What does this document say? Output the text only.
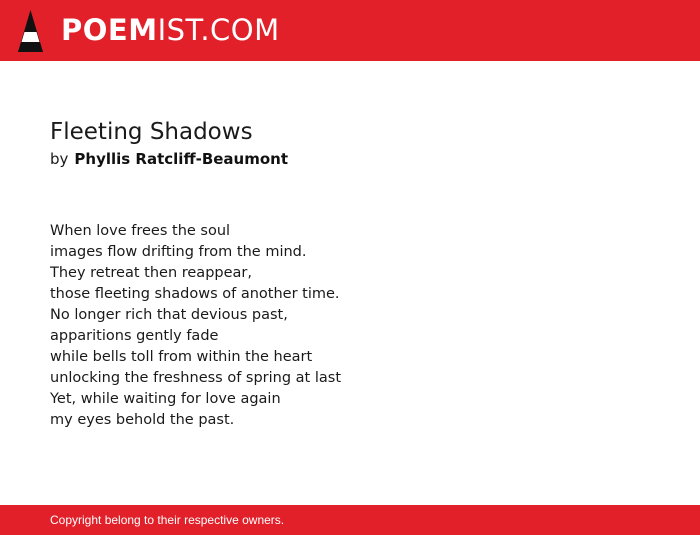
POEMIST.COM
Fleeting Shadows
by Phyllis Ratcliff-Beaumont
When love frees the soul
images flow drifting from the mind.
They retreat then reappear,
those fleeting shadows of another time.
No longer rich that devious past,
apparitions gently fade
while bells toll from within the heart
unlocking the freshness of spring at last
Yet, while waiting for love again
my eyes behold the past.
Copyright belong to their respective owners.
